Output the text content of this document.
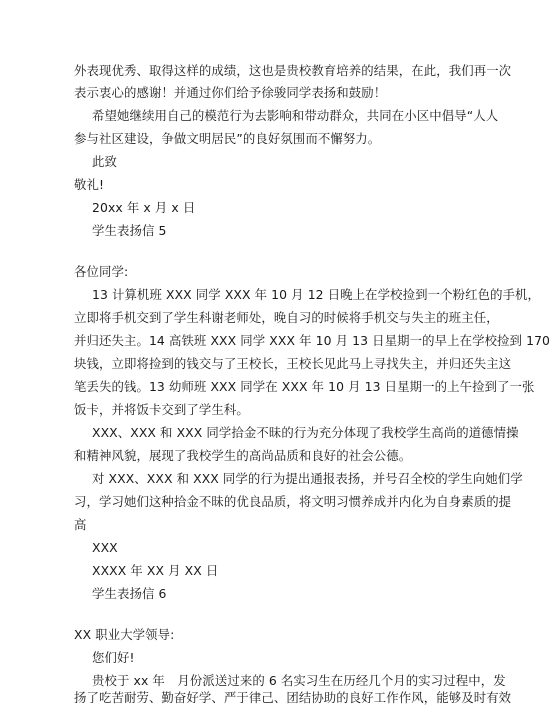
外表现优秀、取得这样的成绩，这也是贵校教育培养的结果，在此，我们再一次
表示衷心的感谢！并通过你们给予徐骏同学表扬和鼓励！
希望她继续用自己的模范行为去影响和带动群众，共同在小区中倡导“人人
参与社区建设，争做文明居民”的良好氛围而不懈努力。
此致
敬礼!
20xx 年 x 月 x 日
学生表扬信 5
各位同学:
13 计算机班 XXX 同学 XXX 年 10 月 12 日晚上在学校捡到一个粉红色的手机，
立即将手机交到了学生科谢老师处，晚自习的时候将手机交与失主的班主任，
并归还失主。14 高铁班 XXX 同学 XXX 年 10 月 13 日星期一的早上在学校捡到 170
块钱，立即将捡到的钱交与了王校长，王校长见此马上寻找失主，并归还失主这
笔丢失的钱。13 幼师班 XXX 同学在 XXX 年 10 月 13 日星期一的上午捡到了一张
饭卡，并将饭卡交到了学生科。
XXX、XXX 和 XXX 同学拾金不昧的行为充分体现了我校学生高尚的道德情操
和精神风貌，展现了我校学生的高尚品质和良好的社会公德。
对 XXX、XXX 和 XXX 同学的行为提出通报表扬，并号召全校的学生向她们学
习，学习她们这种拾金不昧的优良品质，将文明习惯养成并内化为自身素质的提
高
XXX
XXXX 年 XX 月 XX 日
学生表扬信 6
XX 职业大学领导:
您们好!
贵校于 xx 年　月份派送过来的 6 名实习生在历经几个月的实习过程中，发
扬了吃苦耐劳、勤奋好学、严于律己、团结协助的良好工作作风，能够及时有效
